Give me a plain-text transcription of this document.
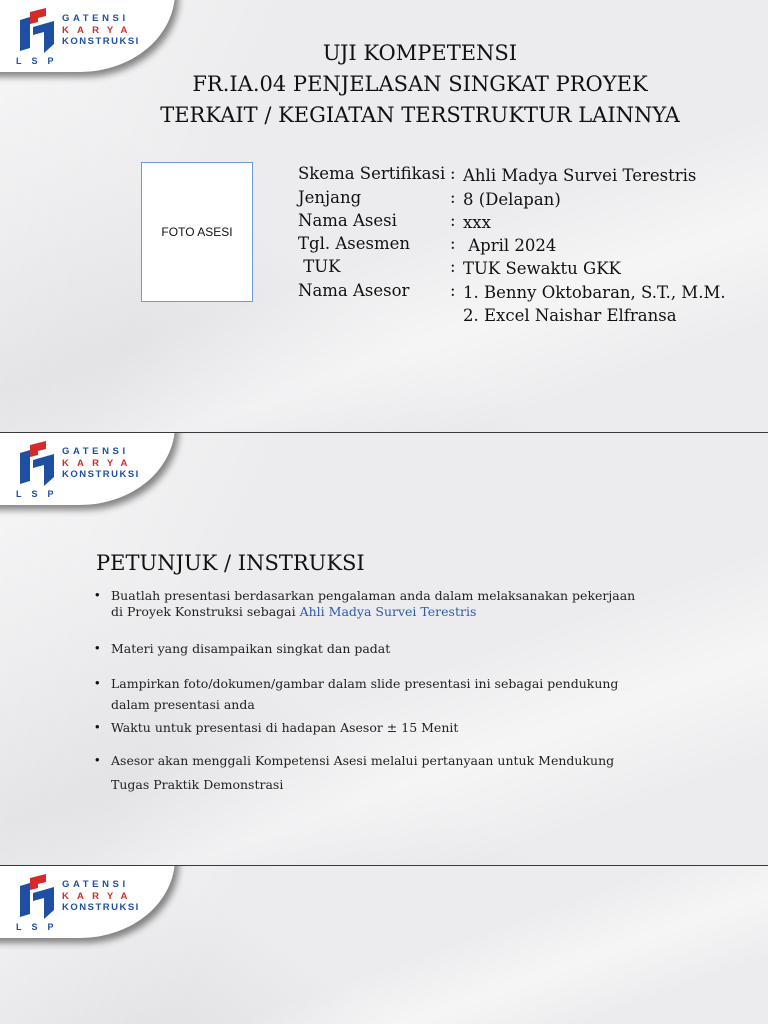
GATENSI
KARYA
KONSTRUKSI
LSP	UJI KOMPETENSI
FR.IA.04 PENJELASAN SINGKAT PROYEK
TERKAIT / KEGIATAN TERSTRUKTUR LAINNYA
FOTO ASESI
Skema Sertifikasi : Ahli Madya Survei Terestris
Jenjang	: 8 (Delapan)
Nama Asesi	: xxx
Tgl. Asesmen : April 2024
TUK	: TUK Sewaktu GKK
Nama Asesor : 1. Benny Oktobaran, S.T., M.M.
2. Excel Naishar Elfransa
GATENSI
KARYA
KONSTRUKSI
LSP
PETUNJUK / INSTRUKSI
• Buatlah presentasi berdasarkan pengalaman anda dalam melaksanakan pekerjaan
di Proyek Konstruksi sebagai Ahli Madya Survei Terestris
• Materi yang disampaikan singkat dan padat
• Lampirkan foto/dokumen/gambar dalam slide presentasi ini sebagai pendukung
dalam presentasi anda
• Waktu untuk presentasi di hadapan Asesor ± 15 Menit
• Asesor akan menggali Kompetensi Asesi melalui pertanyaan untuk Mendukung
Tugas Praktik Demonstrasi
GATENSI
KARYA
KONSTRUKSI
LSP
